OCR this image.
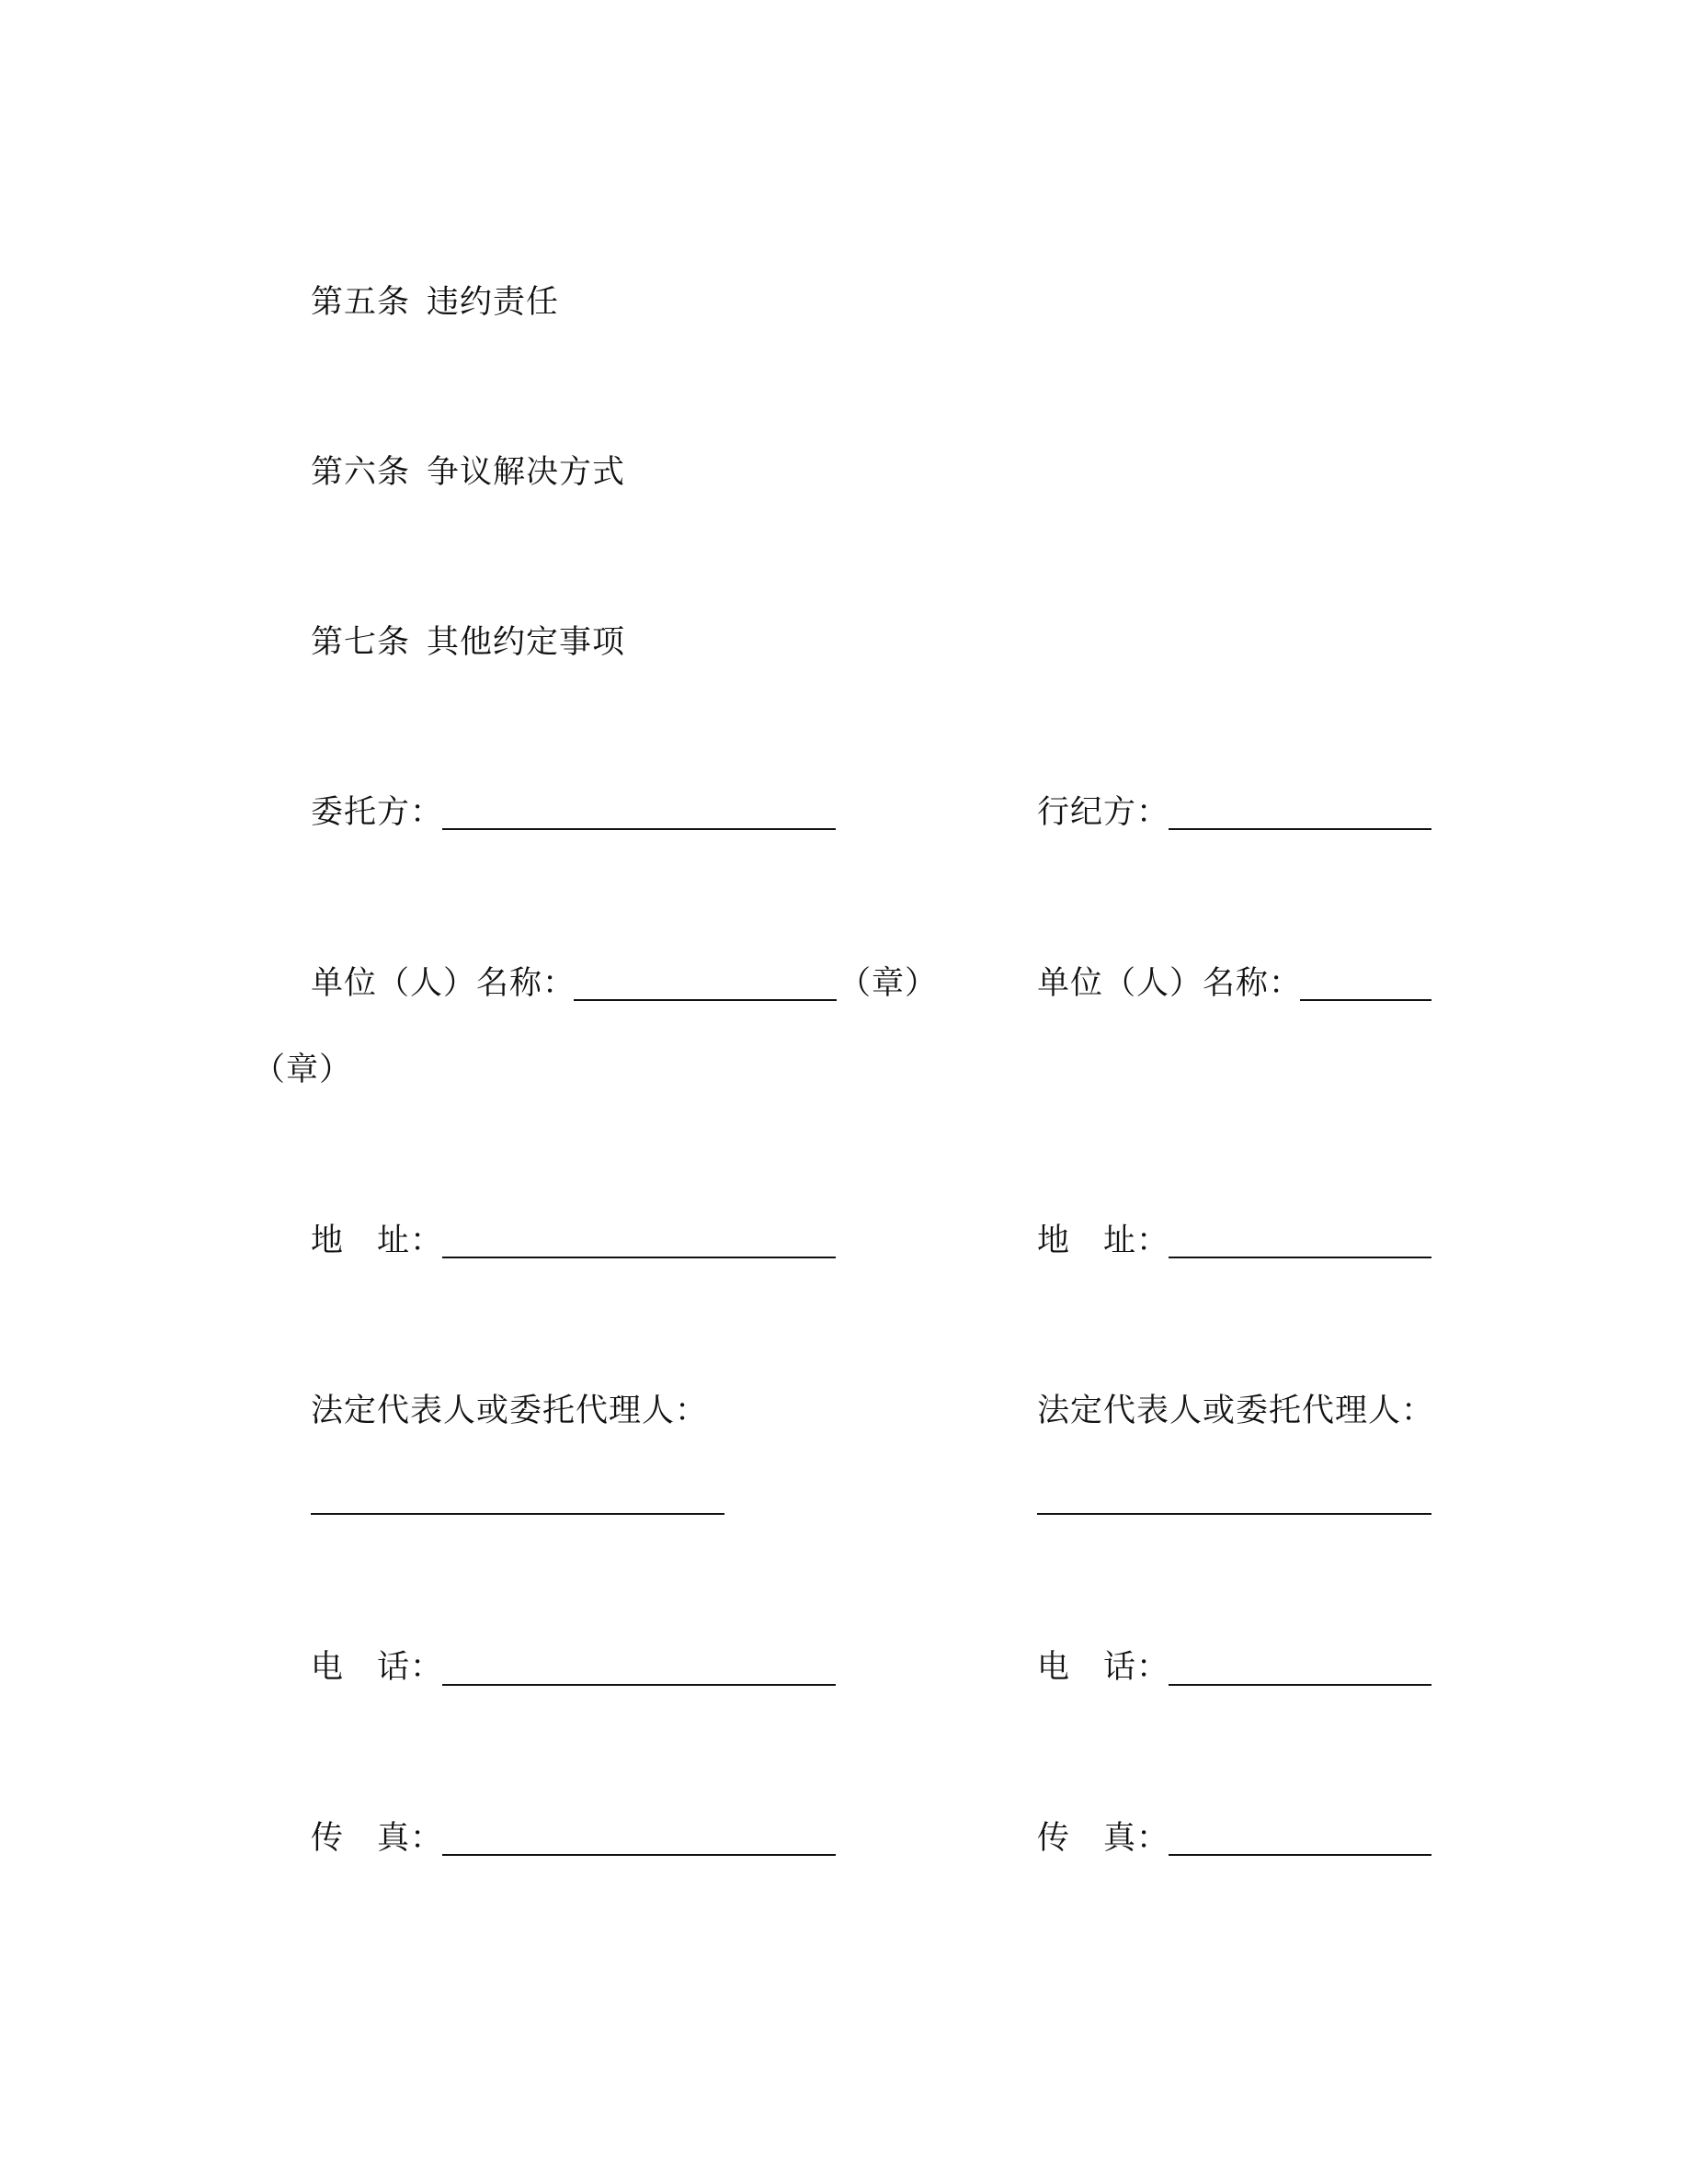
第五条 违约责任
第六条 争议解决方式
第七条 其他约定事项
委托方：	行纪方：
单位（人）名称：	（章）	单位（人）名称：
（章）
地 址：	地 址：
法定代表人或委托代理人：	法定代表人或委托代理人：
电 话：	电 话：
传 真：	传 真：
